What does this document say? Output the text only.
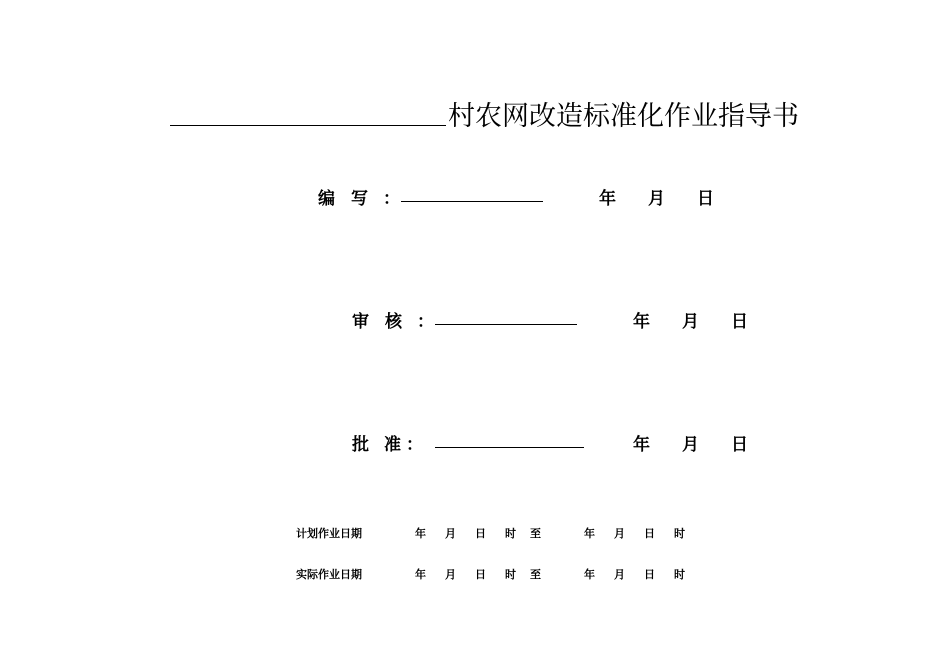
村农网改造标准化作业指导书
编 写 ：	年 月 日
审 核 ：	年 月 日
批 准 ：	年 月 日
计划作业日期	年 月 日 时 至	年 月 日 时
实际作业日期	年 月 日 时 至	年 月 日 时
